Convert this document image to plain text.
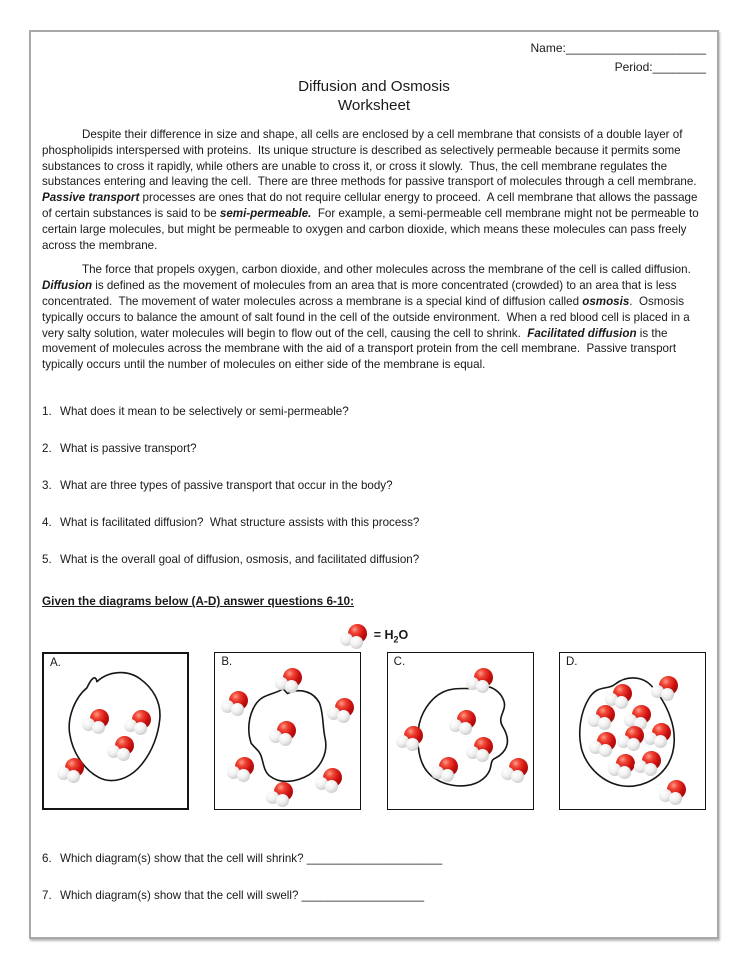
Name:_____________________
Period:________
Diffusion and Osmosis
Worksheet

Despite their difference in size and shape, all cells are enclosed by a cell membrane that consists of a double layer of phospholipids interspersed with proteins.  Its unique structure is described as selectively permeable because it permits some substances to cross it rapidly, while others are unable to cross it, or cross it slowly.  Thus, the cell membrane regulates the substances entering and leaving the cell.  There are three methods for passive transport of molecules through a cell membrane.  Passive transport processes are ones that do not require cellular energy to proceed.  A cell membrane that allows the passage of certain substances is said to be semi-permeable.  For example, a semi-permeable cell membrane might not be permeable to certain large molecules, but might be permeable to oxygen and carbon dioxide, which means these molecules can pass freely across the membrane.

The force that propels oxygen, carbon dioxide, and other molecules across the membrane of the cell is called diffusion.  Diffusion is defined as the movement of molecules from an area that is more concentrated (crowded) to an area that is less concentrated.  The movement of water molecules across a membrane is a special kind of diffusion called osmosis.  Osmosis typically occurs to balance the amount of salt found in the cell of the outside environment.  When a red blood cell is placed in a very salty solution, water molecules will begin to flow out of the cell, causing the cell to shrink.  Facilitated diffusion is the movement of molecules across the membrane with the aid of a transport protein from the cell membrane.  Passive transport typically occurs until the number of molecules on either side of the membrane is equal.

1. What does it mean to be selectively or semi-permeable?
2. What is passive transport?
3. What are three types of passive transport that occur in the body?
4. What is facilitated diffusion?  What structure assists with this process?
5. What is the overall goal of diffusion, osmosis, and facilitated diffusion?
Given the diagrams below (A-D) answer questions 6-10:
= $H_2O$
A.	B.	C.	D.
6. Which diagram(s) show that the cell will shrink? _____________________
7. Which diagram(s) show that the cell will swell? ___________________
